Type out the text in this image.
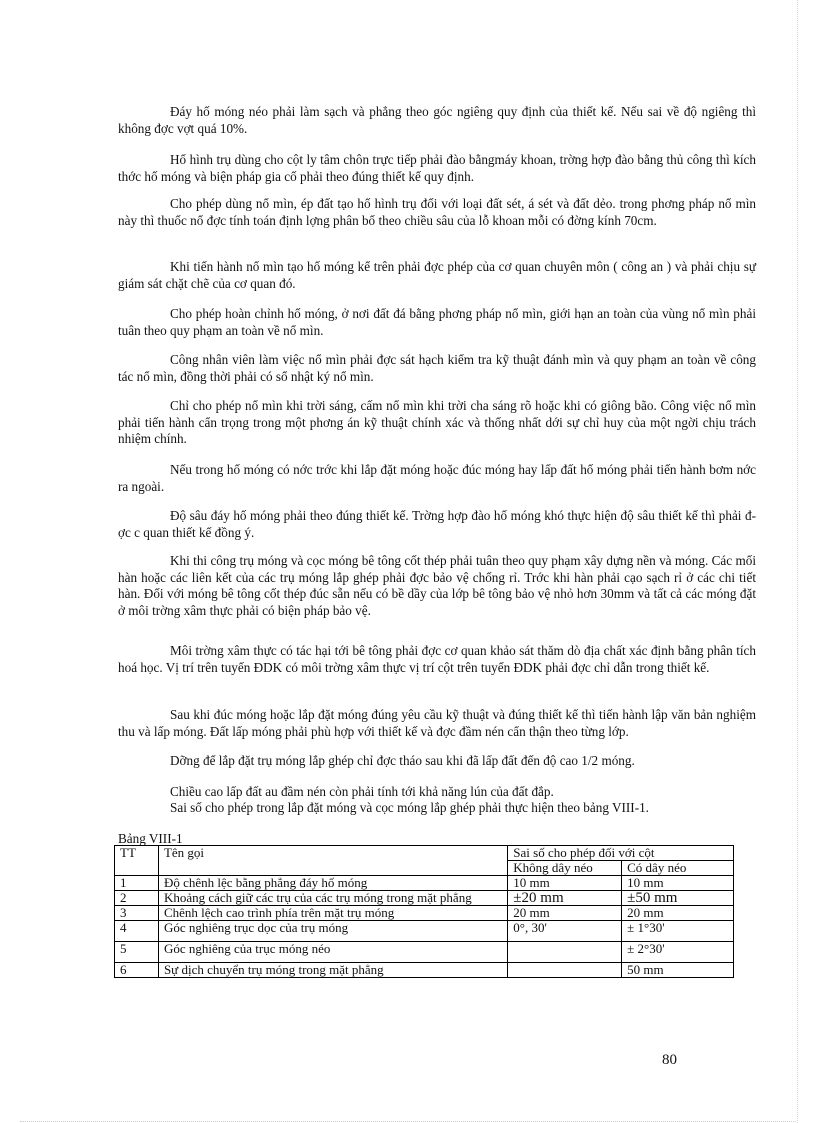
Đáy hố móng néo phải làm sạch và phẳng theo góc ngiêng quy định của thiết kế. Nếu sai về độ ngiêng thì không đợc vợt quá 10%.

Hố hình trụ dùng cho cột ly tâm chôn trực tiếp phải đào bằngmáy khoan, trờng hợp đào bằng thủ công thì kích thớc hố móng và biện pháp gia cố phải theo đúng thiết kế quy định.

Cho phép dùng nổ mìn, ép đất tạo hố hình trụ đối với loại đất sét, á sét và đất dẻo. trong phơng pháp nổ mìn này thì thuốc nổ đợc tính toán định lợng phân bố theo chiều sâu của lỗ khoan mỗi có đờng kính 70cm.

Khi tiến hành nổ mìn tạo hố móng kể trên phải đợc phép của cơ quan chuyên môn ( công an ) và phải chịu sự giám sát chặt chẽ của cơ quan đó.

Cho phép hoàn chỉnh hố móng, ở nơi đất đá bằng phơng pháp nổ mìn, giới hạn an toàn của vùng nổ mìn phải tuân theo quy phạm an toàn về nổ mìn.

Công nhân viên làm việc nổ mìn phải đợc sát hạch kiểm tra kỹ thuật đánh mìn và quy phạm an toàn về công tác nổ mìn, đồng thời phải có sổ nhật ký nổ mìn.

Chỉ cho phép nổ mìn khi trời sáng, cấm nổ mìn khi trời cha sáng rõ hoặc khi có giông bão. Công việc nổ mìn phải tiến hành cẩn trọng trong một phơng án kỹ thuật chính xác và thống nhất dới sự chỉ huy của một ngời chịu trách nhiệm chính.

Nếu trong hố móng có nớc trớc khi lắp đặt móng hoặc đúc móng hay lấp đất hố móng phải tiến hành bơm nớc ra ngoài.

Độ sâu đáy hố móng phải theo đúng thiết kế. Trờng hợp đào hố móng khó thực hiện độ sâu thiết kế thì phải đợc c quan thiết kế đồng ý.

Khi thi công trụ móng và cọc móng bê tông cốt thép phải tuân theo quy phạm xây dựng nền và móng. Các mối hàn hoặc các liên kết của các trụ móng lắp ghép phải đợc bảo vệ chống rỉ. Trớc khi hàn phải cạo sạch rỉ ở các chi tiết hàn. Đối với móng bê tông cốt thép đúc sẵn nếu có bề dầy của lớp bê tông bảo vệ nhỏ hơn 30mm và tất cả các móng đặt ở môi trờng xâm thực phải có biện pháp bảo vệ.

Môi trờng xâm thực có tác hại tới bê tông phải đợc cơ quan khảo sát thăm dò địa chất xác định bằng phân tích hoá học. Vị trí trên tuyến ĐDK có môi trờng xâm thực vị trí cột trên tuyến ĐDK phải đợc chỉ dẫn trong thiết kế.

Sau khi đúc móng hoặc lắp đặt móng đúng yêu cầu kỹ thuật và đúng thiết kế thì tiến hành lập văn bản nghiệm thu và lấp móng. Đất lấp móng phải phù hợp với thiết kế và đợc đầm nén cẩn thận theo từng lớp.

Dỡng để lắp đặt trụ móng lắp ghép chỉ đợc tháo sau khi đã lấp đất đến độ cao 1/2 móng.

Chiều cao lấp đất au đầm nén còn phải tính tới khả năng lún của đất đắp.

Sai số cho phép trong lắp đặt móng và cọc móng lắp ghép phải thực hiện theo bảng VIII-1.

Bảng VIII-1
TT	Tên gọi	Sai số cho phép đối với cột	
		Không dây néo	Có dây néo
1	Độ chênh lệc bằng phẳng đáy hố móng	10 mm	10 mm
2	Khoảng cách giữ các trụ của các trụ móng trong mặt phẳng	±20 mm	±50 mm
3	Chênh lệch cao trình phía trên mặt trụ móng	20 mm	20 mm
4	Góc nghiêng trục dọc của trụ móng	0°, 30'	± 1°30'
5	Góc nghiêng của trục móng néo		± 2°30'
6	Sự dịch chuyển trụ móng trong mặt phẳng		50 mm
80
